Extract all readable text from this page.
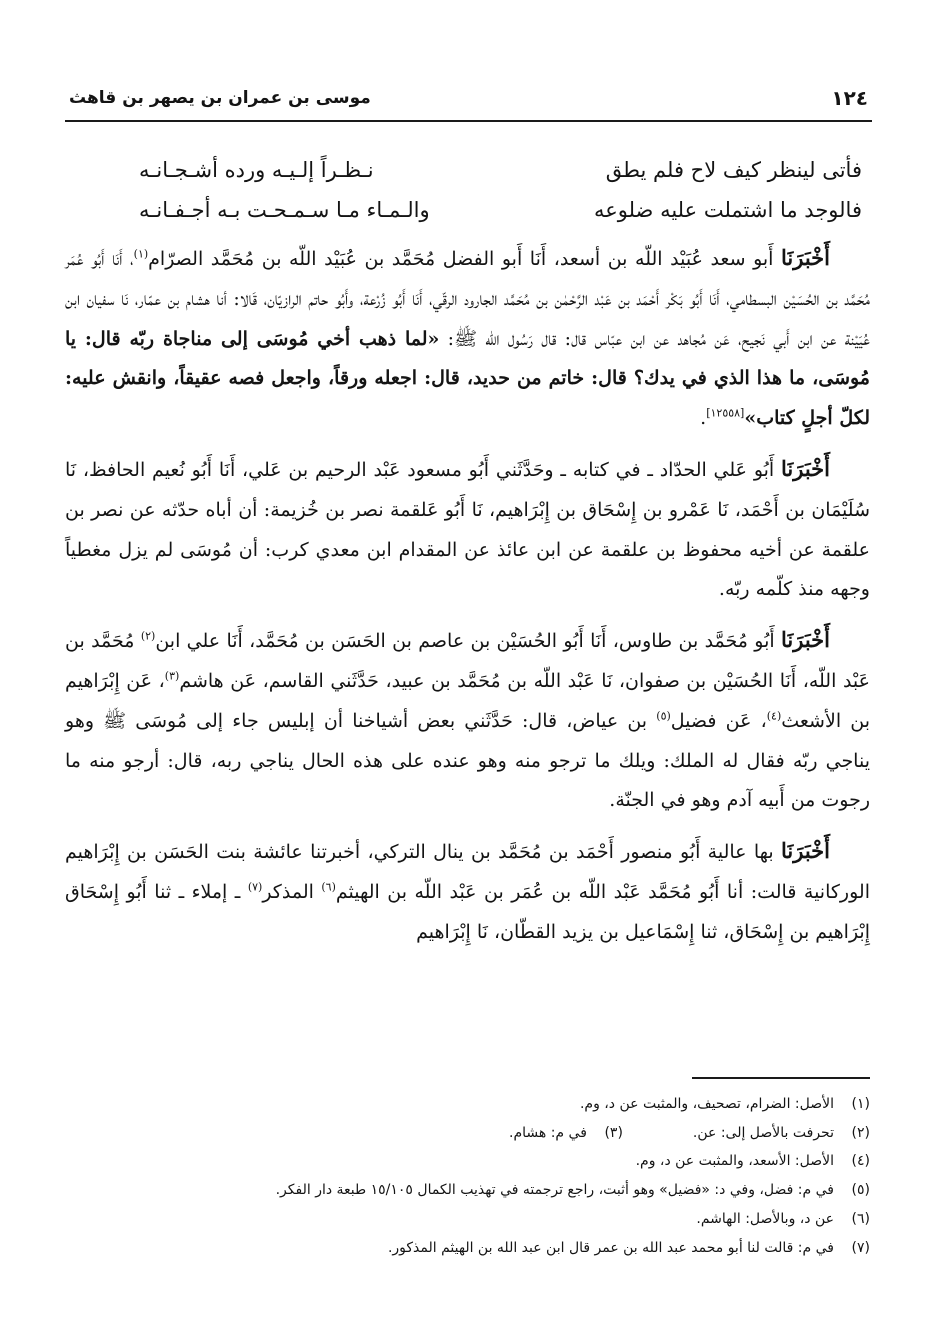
١٢٤
موسى بن عمران بن يصهر بن قاهث
فأتى لينظر كيف لاح فلم يطق
نـظـراً إلـيـه ورده أشـجـانـه
فالوجد ما اشتملت عليه ضلوعه
والـمـاء مـا سـمـحـت بـه أجـفـانـه

أَخْبَرَنَا أَبو سعد عُبَيْد اللّه بن أسعد، أَنَا أَبو الفضل مُحَمَّد بن عُبَيْد اللّه بن مُحَمَّد الصرّام$^{(١)}$، أَنَا أَبُو عُمَر مُحَمَّد بن الحُسَيْن البسطامي، أَنَا أَبُو بَكْر أَحْمَد بن عَبْد الرَّحْمٰن بن مُحَمَّد الجارود الرقّي، أَنَا أَبُو زُرْعة، وأَبُو حاتم الرازيّان، قَالا: أنا هشام بن عمّار، نَا سفيان ابن عُيَيْنة عن ابن أَبي نَجيح، عَن مُجاهد عن ابن عبّاس قال: قال رَسُول الله ﷺ: «لما ذهب أخي مُوسَى إلى مناجاة ربّه قال: يا مُوسَى، ما هذا الذي في يدك؟ قال: خاتم من حديد، قال: اجعله ورقاً، واجعل فصه عقيقاً، وانقش عليه: لكلّ أجلٍ كتاب»[١٢٥٥٨].

أَخْبَرَنَا أَبُو عَلي الحدّاد ـ في كتابه ـ وحَدَّثَني أَبُو مسعود عَبْد الرحيم بن عَلي، أَنَا أَبُو نُعيم الحافظ، نَا سُلَيْمَان بن أَحْمَد، نَا عَمْرو بن إِسْحَاق بن إِبْرَاهيم، نَا أَبُو عَلقمة نصر بن خُزيمة: أن أباه حدّثه عن نصر بن علقمة عن أخيه محفوظ بن علقمة عن ابن عائذ عن المقدام ابن معدي كرب: أن مُوسَى لم يزل مغطياً وجهه منذ كلّمه ربّه.

أَخْبَرَنَا أَبُو مُحَمَّد بن طاوس، أَنَا أَبُو الحُسَيْن بن عاصم بن الحَسَن بن مُحَمَّد، أَنَا علي ابن$^{(٢)}$ مُحَمَّد بن عَبْد اللّه، أَنَا الحُسَيْن بن صفوان، نَا عَبْد اللّه بن مُحَمَّد بن عبيد، حَدَّثَني القاسم، عَن هاشم$^{(٣)}$، عَن إِبْرَاهيم بن الأشعث$^{(٤)}$، عَن فضيل$^{(٥)}$ بن عياض، قال: حَدَّثَني بعض أشياخنا أن إبليس جاء إلى مُوسَى ﷺ وهو يناجي ربّه فقال له الملك: ويلك ما ترجو منه وهو عنده على هذه الحال يناجي ربه، قال: أرجو منه ما رجوت من أَبيه آدم وهو في الجنّة.

أَخْبَرَنَا بها عالية أَبُو منصور أَحْمَد بن مُحَمَّد بن ينال التركي، أخبرتنا عائشة بنت الحَسَن بن إِبْرَاهيم الوركانية قالت: أنا أَبُو مُحَمَّد عَبْد اللّه بن عُمَر بن عَبْد اللّه بن الهيثم$^{(٦)}$ المذكر$^{(٧)}$ ـ إملاء ـ ثنا أَبُو إِسْحَاق إِبْرَاهيم بن إِسْحَاق، ثنا إِسْمَاعيل بن يزيد القطّان، نَا إِبْرَاهيم

(١)
الأصل: الضرام، تصحيف، والمثبت عن د، وم.
(٢)
تحرفت بالأصل إلى: عن.
(٣)
في م: هشام.
(٤)
الأصل: الأسعد، والمثبت عن د، وم.
(٥)
في م: فضل، وفي د: «فضيل» وهو أثبت، راجع ترجمته في تهذيب الكمال ١٥/١٠٥ طبعة دار الفكر.
(٦)
عن د، وبالأصل: الهاشم.
(٧)
في م: قالت لنا أبو محمد عبد الله بن عمر قال ابن عبد الله بن الهيثم المذكور.
